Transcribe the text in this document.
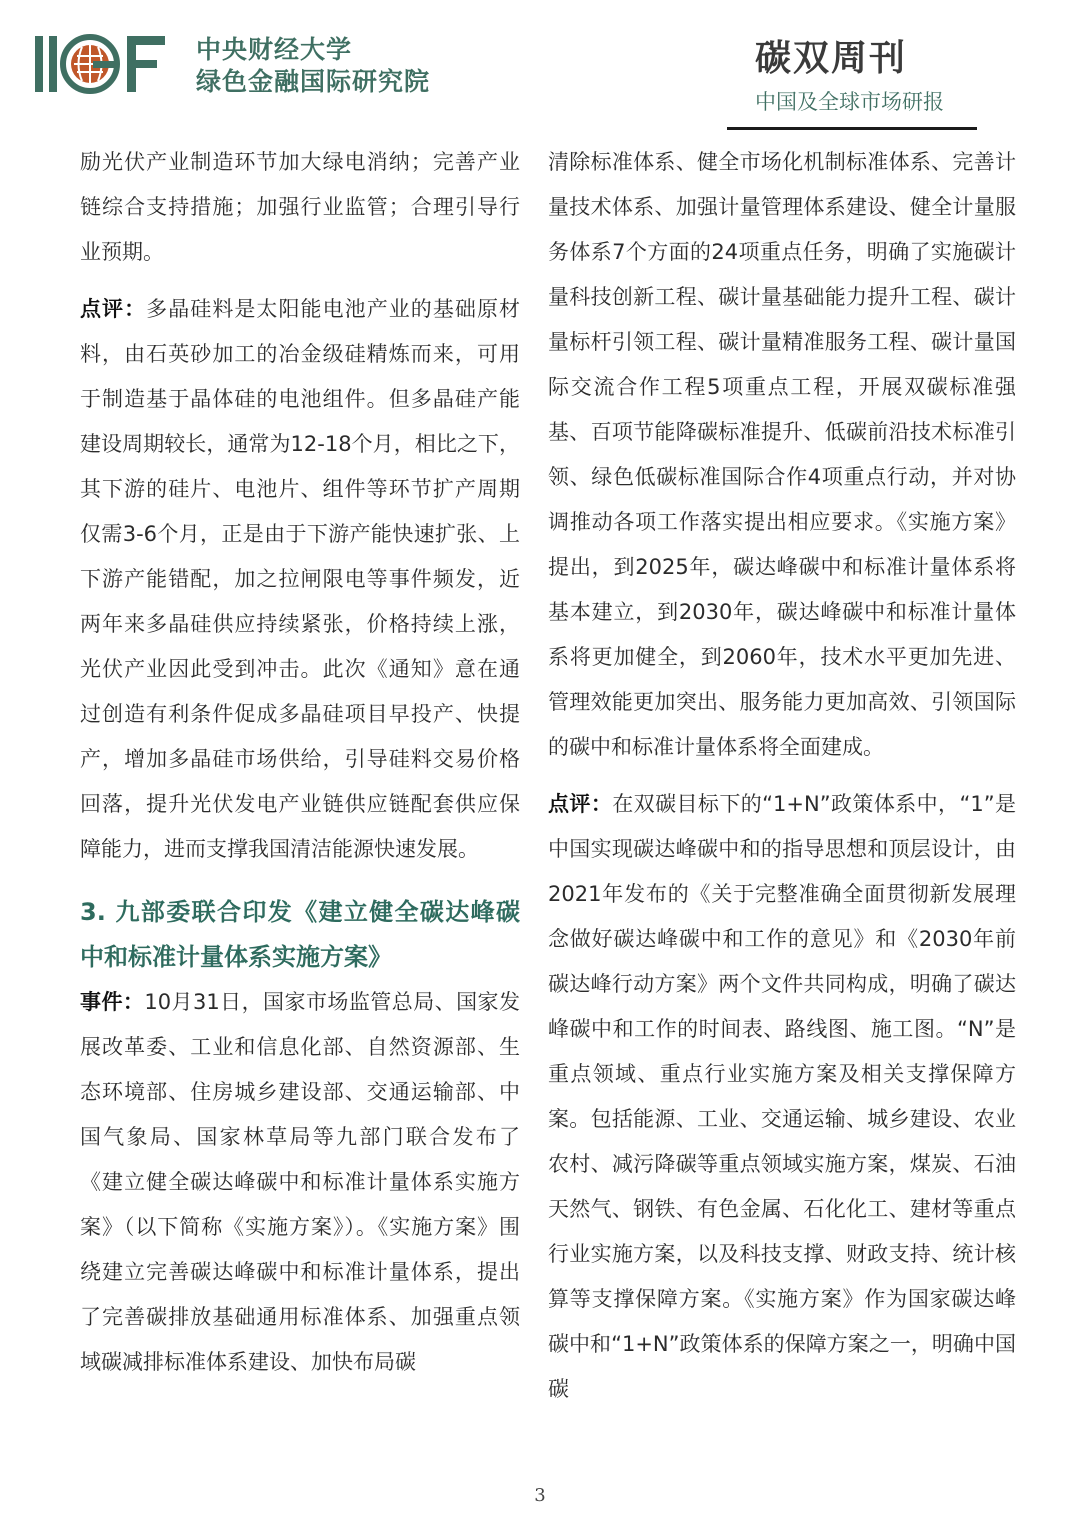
中央财经大学
绿色金融国际研究院
碳双周刊
中国及全球市场研报

励光伏产业制造环节加大绿电消纳；完善产业链综合支持措施；加强行业监管；合理引导行业预期。

点评：多晶硅料是太阳能电池产业的基础原材料，由石英砂加工的冶金级硅精炼而来，可用于制造基于晶体硅的电池组件。但多晶硅产能建设周期较长，通常为12-18个月，相比之下，其下游的硅片、电池片、组件等环节扩产周期仅需3-6个月，正是由于下游产能快速扩张、上下游产能错配，加之拉闸限电等事件频发，近两年来多晶硅供应持续紧张，价格持续上涨，光伏产业因此受到冲击。此次《通知》意在通过创造有利条件促成多晶硅项目早投产、快提产，增加多晶硅市场供给，引导硅料交易价格回落，提升光伏发电产业链供应链配套供应保障能力，进而支撑我国清洁能源快速发展。

3. 九部委联合印发《建立健全碳达峰碳中和标准计量体系实施方案》

事件：10月31日，国家市场监管总局、国家发展改革委、工业和信息化部、自然资源部、生态环境部、住房城乡建设部、交通运输部、中国气象局、国家林草局等九部门联合发布了《建立健全碳达峰碳中和标准计量体系实施方案》（以下简称《实施方案》）。《实施方案》围绕建立完善碳达峰碳中和标准计量体系，提出了完善碳排放基础通用标准体系、加强重点领域碳减排标准体系建设、加快布局碳

清除标准体系、健全市场化机制标准体系、完善计量技术体系、加强计量管理体系建设、健全计量服务体系7个方面的24项重点任务，明确了实施碳计量科技创新工程、碳计量基础能力提升工程、碳计量标杆引领工程、碳计量精准服务工程、碳计量国际交流合作工程5项重点工程，开展双碳标准强基、百项节能降碳标准提升、低碳前沿技术标准引领、绿色低碳标准国际合作4项重点行动，并对协调推动各项工作落实提出相应要求。《实施方案》提出，到2025年，碳达峰碳中和标准计量体系将基本建立，到2030年，碳达峰碳中和标准计量体系将更加健全，到2060年，技术水平更加先进、管理效能更加突出、服务能力更加高效、引领国际的碳中和标准计量体系将全面建成。

点评：在双碳目标下的“1+N”政策体系中，“1”是中国实现碳达峰碳中和的指导思想和顶层设计，由2021年发布的《关于完整准确全面贯彻新发展理念做好碳达峰碳中和工作的意见》和《2030年前碳达峰行动方案》两个文件共同构成，明确了碳达峰碳中和工作的时间表、路线图、施工图。“N”是重点领域、重点行业实施方案及相关支撑保障方案。包括能源、工业、交通运输、城乡建设、农业农村、减污降碳等重点领域实施方案，煤炭、石油天然气、钢铁、有色金属、石化化工、建材等重点行业实施方案，以及科技支撑、财政支持、统计核算等支撑保障方案。《实施方案》作为国家碳达峰碳中和“1+N”政策体系的保障方案之一，明确中国碳

3
